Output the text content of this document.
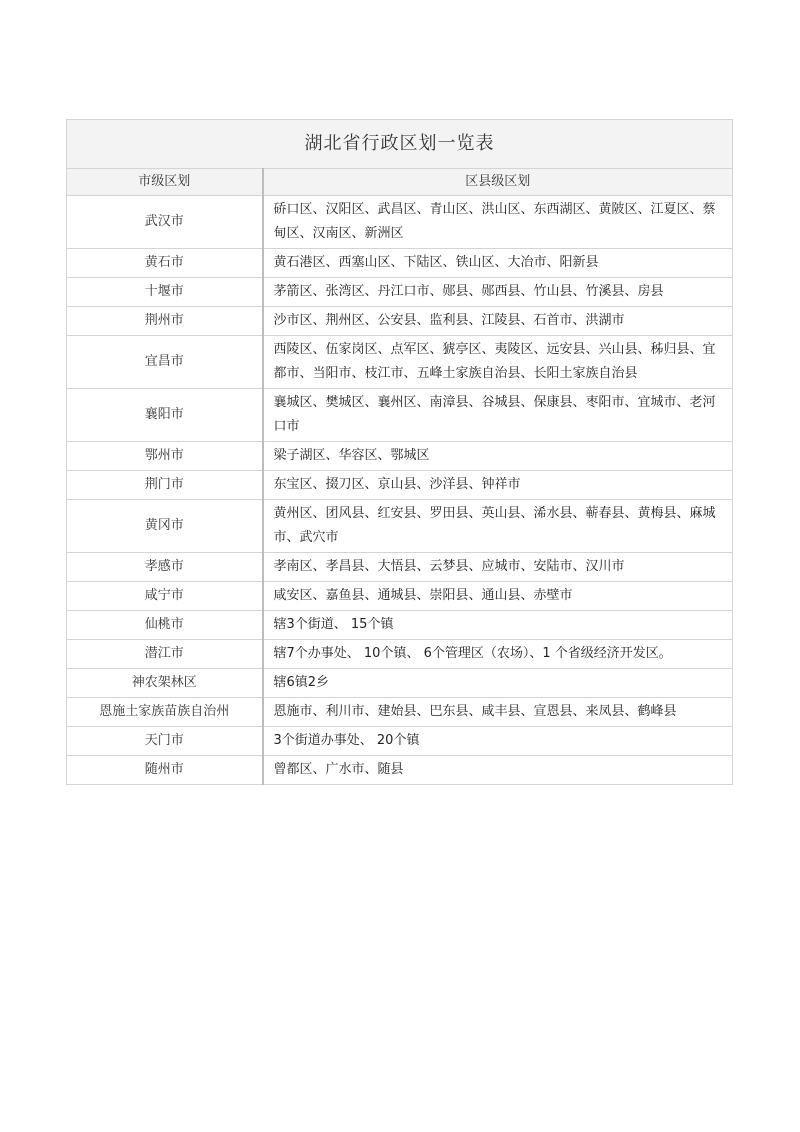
湖北省行政区划一览表	
市级区划	区县级区划
武汉市	硚口区、汉阳区、武昌区、青山区、洪山区、东西湖区、黄陂区、江夏区、蔡甸区、汉南区、新洲区
黄石市	黄石港区、西塞山区、下陆区、铁山区、大冶市、阳新县
十堰市	茅箭区、张湾区、丹江口市、郧县、郧西县、竹山县、竹溪县、房县
荆州市	沙市区、荆州区、公安县、监利县、江陵县、石首市、洪湖市
宜昌市	西陵区、伍家岗区、点军区、猇亭区、夷陵区、远安县、兴山县、秭归县、宜都市、当阳市、枝江市、五峰土家族自治县、长阳土家族自治县
襄阳市	襄城区、樊城区、襄州区、南漳县、谷城县、保康县、枣阳市、宜城市、老河口市
鄂州市	梁子湖区、华容区、鄂城区
荆门市	东宝区、掇刀区、京山县、沙洋县、钟祥市
黄冈市	黄州区、团风县、红安县、罗田县、英山县、浠水县、蕲春县、黄梅县、麻城市、武穴市
孝感市	孝南区、孝昌县、大悟县、云梦县、应城市、安陆市、汉川市
咸宁市	咸安区、嘉鱼县、通城县、崇阳县、通山县、赤壁市
仙桃市	辖3个街道、 15个镇
潜江市	辖7个办事处、 10个镇、 6个管理区（农场）、1 个省级经济开发区。
神农架林区	辖6镇2乡
恩施土家族苗族自治州	恩施市、利川市、建始县、巴东县、咸丰县、宣恩县、来凤县、鹤峰县
天门市	3个街道办事处、 20个镇
随州市	曾都区、广水市、随县
